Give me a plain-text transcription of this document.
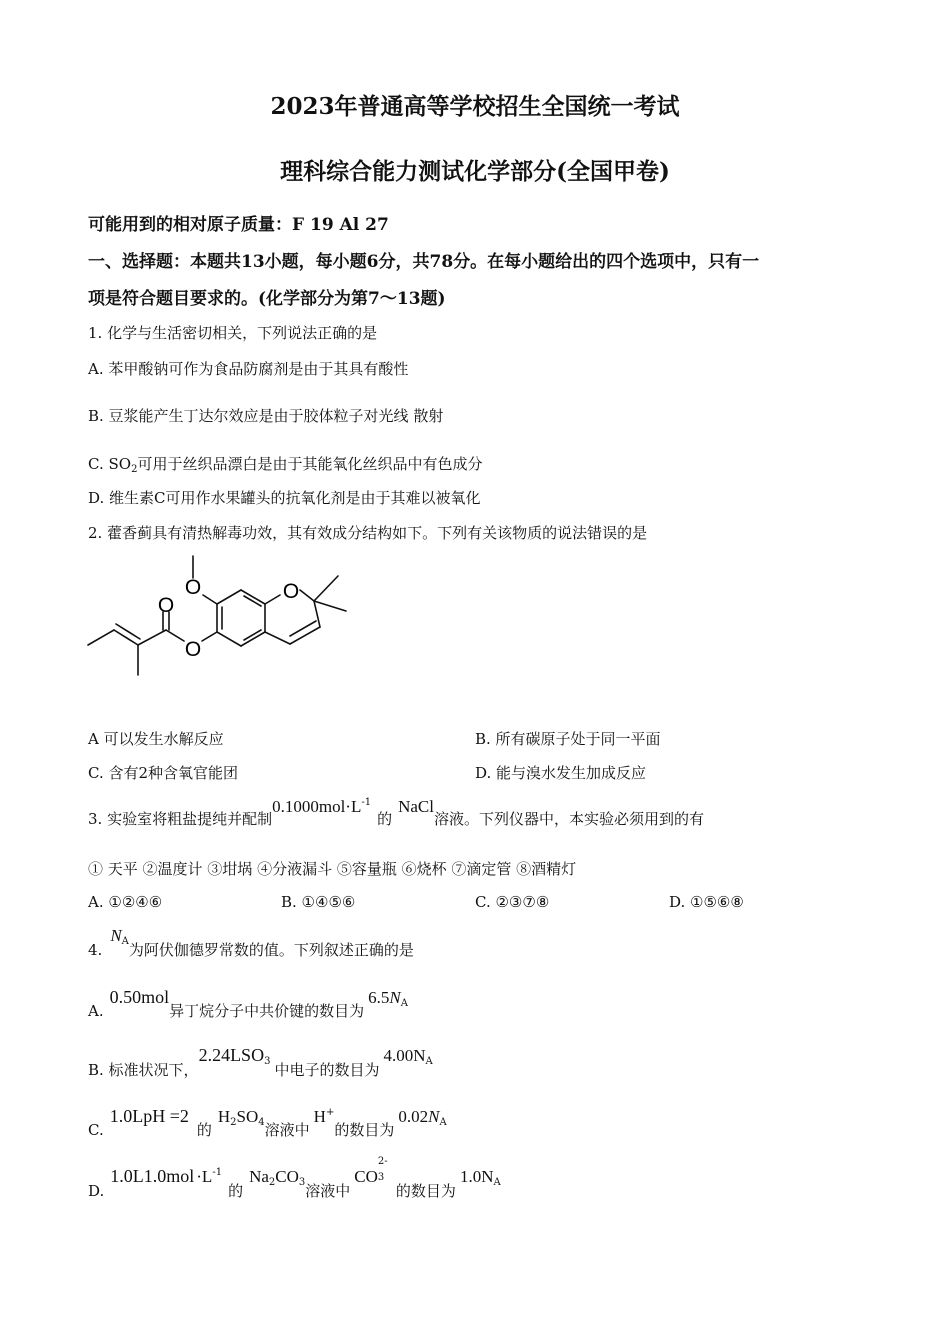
2023年普通高等学校招生全国统一考试
理科综合能力测试化学部分(全国甲卷)
可能用到的相对原子质量：F 19 Al 27
一、选择题：本题共13小题，每小题6分，共78分。在每小题给出的四个选项中，只有一
项是符合题目要求的。(化学部分为第7～13题)
1. 化学与生活密切相关，下列说法正确的是
A. 苯甲酸钠可作为食品防腐剂是由于其具有酸性
B. 豆浆能产生丁达尔效应是由于胶体粒子对光线 散射
C. $SO_2$可用于丝织品漂白是由于其能氧化丝织品中有色成分
D. 维生素C可用作水果罐头的抗氧化剂是由于其难以被氧化
2. 藿香蓟具有清热解毒功效，其有效成分结构如下。下列有关该物质的说法错误的是
O	O
O
O
A 可以发生水解反应	B. 所有碳原子处于同一平面
C. 含有2种含氧官能团	D. 能与溴水发生加成反应
3. 实验室将粗盐提纯并配制$0.1000mol\cdot L^{-1}$的NaCl溶液。下列仪器中，本实验必须用到的有
① 天平 ②温度计 ③坩埚 ④分液漏斗 ⑤容量瓶 ⑥烧杯 ⑦滴定管 ⑧酒精灯
A. ①②④⑥	B. ①④⑤⑥	C. ②③⑦⑧	D. ①⑤⑥⑧
$4.N_A$为阿伏伽德罗常数的值。下列叙述正确的是
A.0.50mol异丁烷分子中共价键的数目为$6.5N_A$
B. 标准状况下，$2.24LSO_3$ 中电子的数目为$4.00N_A$
C.1.0LpH =2的$H_2SO_4$溶液中H+的数目为$0.02N_A$
$D.1.0L1.0mol \cdot L^{-1}$的$Na_2CO_3$溶液中CO
2-
3
的数目为$1.0N_A$
